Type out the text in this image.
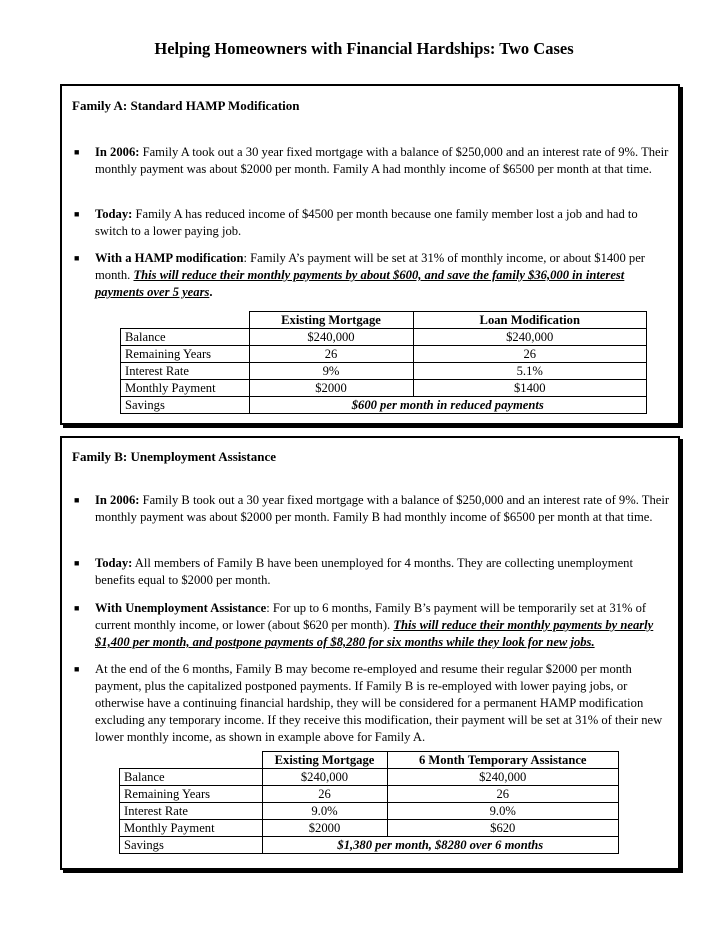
Helping Homeowners with Financial Hardships: Two Cases
Family A: Standard HAMP Modification
■ In 2006: Family A took out a 30 year fixed mortgage with a balance of $250,000 and an interest rate of 9%. Their monthly payment was about $2000 per month. Family A had monthly income of $6500 per month at that time.
■ Today: Family A has reduced income of $4500 per month because one family member lost a job and had to switch to a lower paying job.
■ With a HAMP modification: Family A’s payment will be set at 31% of monthly income, or about $1400 per month. This will reduce their monthly payments by about $600, and save the family $36,000 in interest payments over 5 years.
	Existing Mortgage	Loan Modification
Balance	$240,000	$240,000
Remaining Years	26	26
Interest Rate	9%	5.1%
Monthly Payment	$2000	$1400
Savings	$600 per month in reduced payments	
Family B: Unemployment Assistance
■ In 2006: Family B took out a 30 year fixed mortgage with a balance of $250,000 and an interest rate of 9%. Their monthly payment was about $2000 per month. Family B had monthly income of $6500 per month at that time.
■ Today: All members of Family B have been unemployed for 4 months. They are collecting unemployment benefits equal to $2000 per month.
■ With Unemployment Assistance: For up to 6 months, Family B’s payment will be temporarily set at 31% of current monthly income, or lower (about $620 per month). This will reduce their monthly payments by nearly $1,400 per month, and postpone payments of $8,280 for six months while they look for new jobs.
■ At the end of the 6 months, Family B may become re-employed and resume their regular $2000 per month payment, plus the capitalized postponed payments. If Family B is re-employed with lower paying jobs, or otherwise have a continuing financial hardship, they will be considered for a permanent HAMP modification excluding any temporary income. If they receive this modification, their payment will be set at 31% of their new lower monthly income, as shown in example above for Family A.
	Existing Mortgage	6 Month Temporary Assistance
Balance	$240,000	$240,000
Remaining Years	26	26
Interest Rate	9.0%	9.0%
Monthly Payment	$2000	$620
Savings	$1,380 per month, $8280 over 6 months	
